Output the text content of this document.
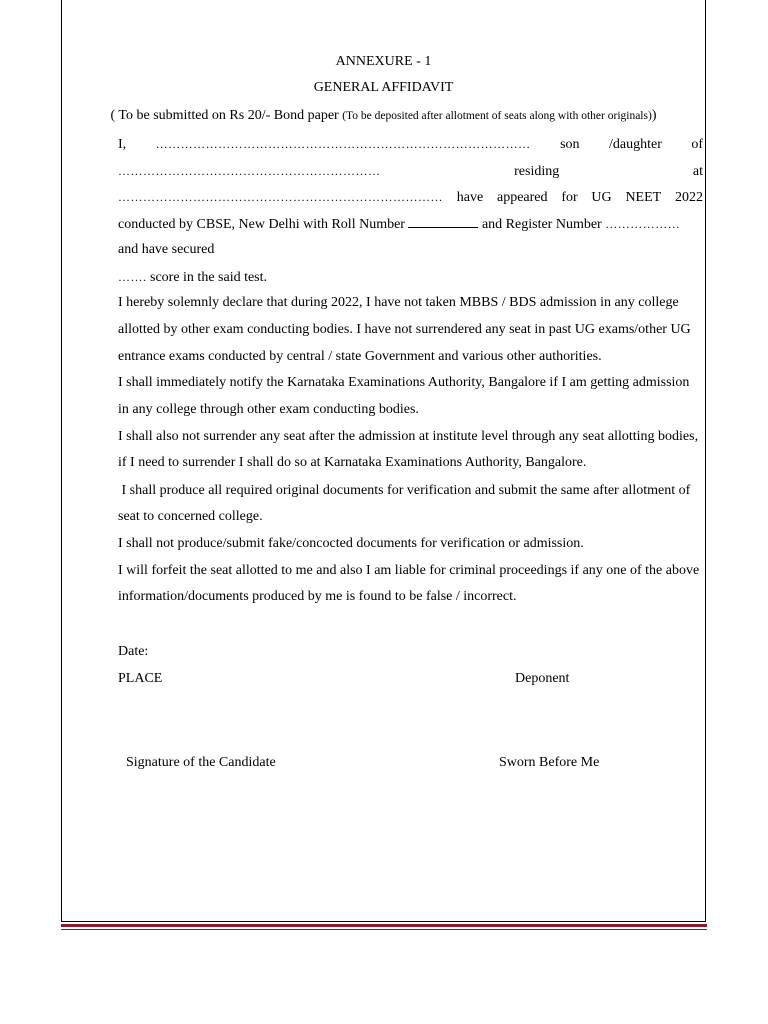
ANNEXURE - 1
GENERAL AFFIDAVIT
( To be submitted on Rs 20/- Bond paper (To be deposited after allotment of seats along with other originals))
I, ……………………………………………………………………………… son /daughter of
………………………………………………………	residing	at
…………………………………………………………………… have appeared for UG NEET 2022
conducted by CBSE, New Delhi with Roll Number	and Register Number ………………
and have secured
……. score in the said test.
I hereby solemnly declare that during 2022, I have not taken MBBS / BDS admission in any college
allotted by other exam conducting bodies. I have not surrendered any seat in past UG exams/other UG
entrance exams conducted by central / state Government and various other authorities.
I shall immediately notify the Karnataka Examinations Authority, Bangalore if I am getting admission
in any college through other exam conducting bodies.
I shall also not surrender any seat after the admission at institute level through any seat allotting bodies,
if I need to surrender I shall do so at Karnataka Examinations Authority, Bangalore.
I shall produce all required original documents for verification and submit the same after allotment of
seat to concerned college.
I shall not produce/submit fake/concocted documents for verification or admission.
I will forfeit the seat allotted to me and also I am liable for criminal proceedings if any one of the above
information/documents produced by me is found to be false / incorrect.
Date:
PLACE	Deponent
Signature of the Candidate	Sworn Before Me
